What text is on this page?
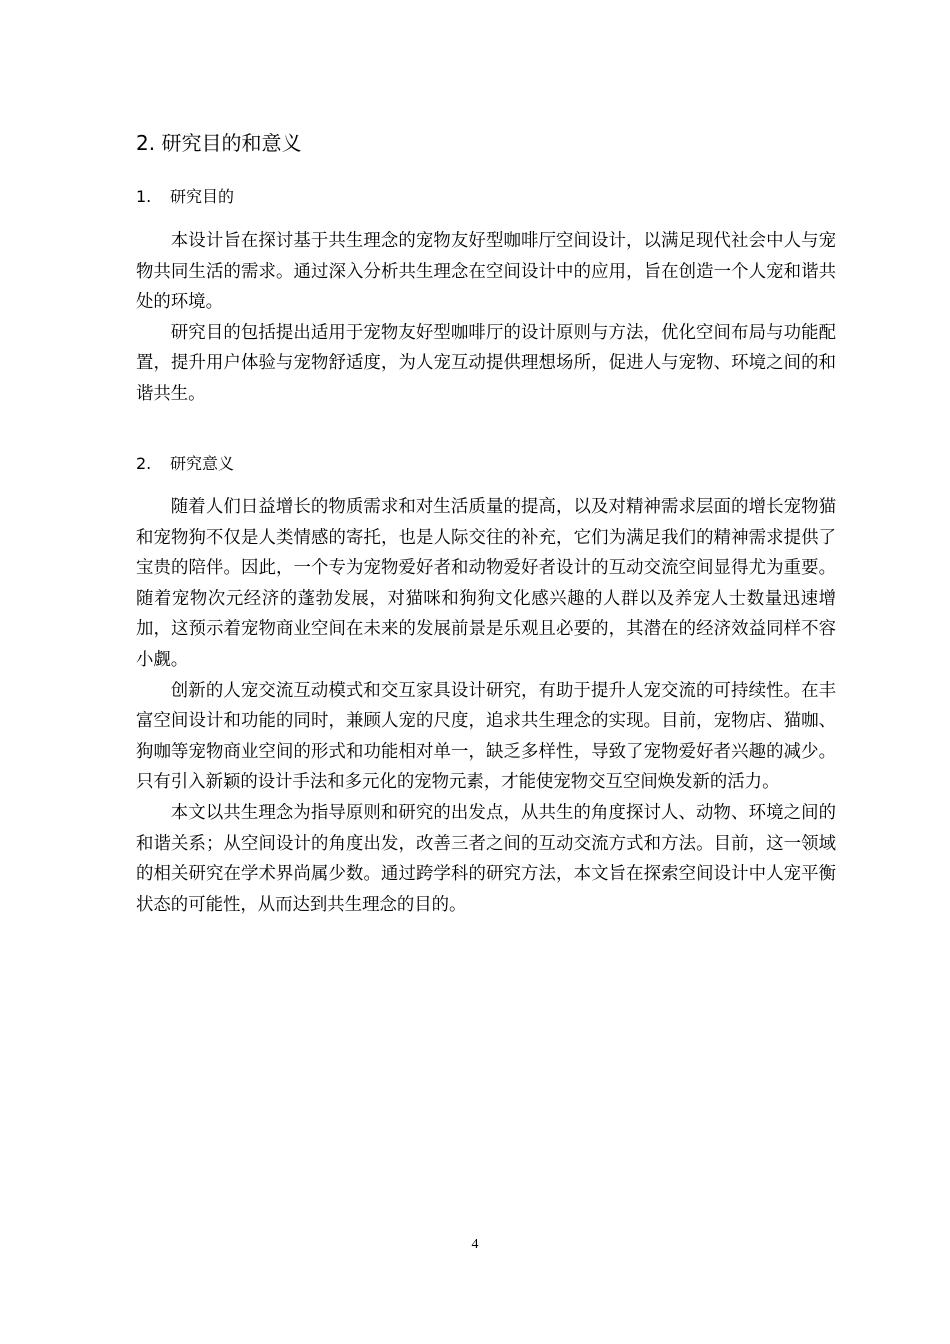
2. 研究目的和意义
1. 研究目的

本设计旨在探讨基于共生理念的宠物友好型咖啡厅空间设计，以满足现代社会中人与宠物共同生活的需求。通过深入分析共生理念在空间设计中的应用，旨在创造一个人宠和谐共处的环境。

研究目的包括提出适用于宠物友好型咖啡厅的设计原则与方法，优化空间布局与功能配置，提升用户体验与宠物舒适度，为人宠互动提供理想场所，促进人与宠物、环境之间的和谐共生。

2. 研究意义

随着人们日益增长的物质需求和对生活质量的提高，以及对精神需求层面的增长宠物猫和宠物狗不仅是人类情感的寄托，也是人际交往的补充，它们为满足我们的精神需求提供了宝贵的陪伴。因此，一个专为宠物爱好者和动物爱好者设计的互动交流空间显得尤为重要。随着宠物次元经济的蓬勃发展，对猫咪和狗狗文化感兴趣的人群以及养宠人士数量迅速增加，这预示着宠物商业空间在未来的发展前景是乐观且必要的，其潜在的经济效益同样不容小觑。

创新的人宠交流互动模式和交互家具设计研究，有助于提升人宠交流的可持续性。在丰富空间设计和功能的同时，兼顾人宠的尺度，追求共生理念的实现。目前，宠物店、猫咖、狗咖等宠物商业空间的形式和功能相对单一，缺乏多样性，导致了宠物爱好者兴趣的减少。只有引入新颖的设计手法和多元化的宠物元素，才能使宠物交互空间焕发新的活力。

本文以共生理念为指导原则和研究的出发点，从共生的角度探讨人、动物、环境之间的和谐关系；从空间设计的角度出发，改善三者之间的互动交流方式和方法。目前，这一领域的相关研究在学术界尚属少数。通过跨学科的研究方法，本文旨在探索空间设计中人宠平衡状态的可能性，从而达到共生理念的目的。

4
